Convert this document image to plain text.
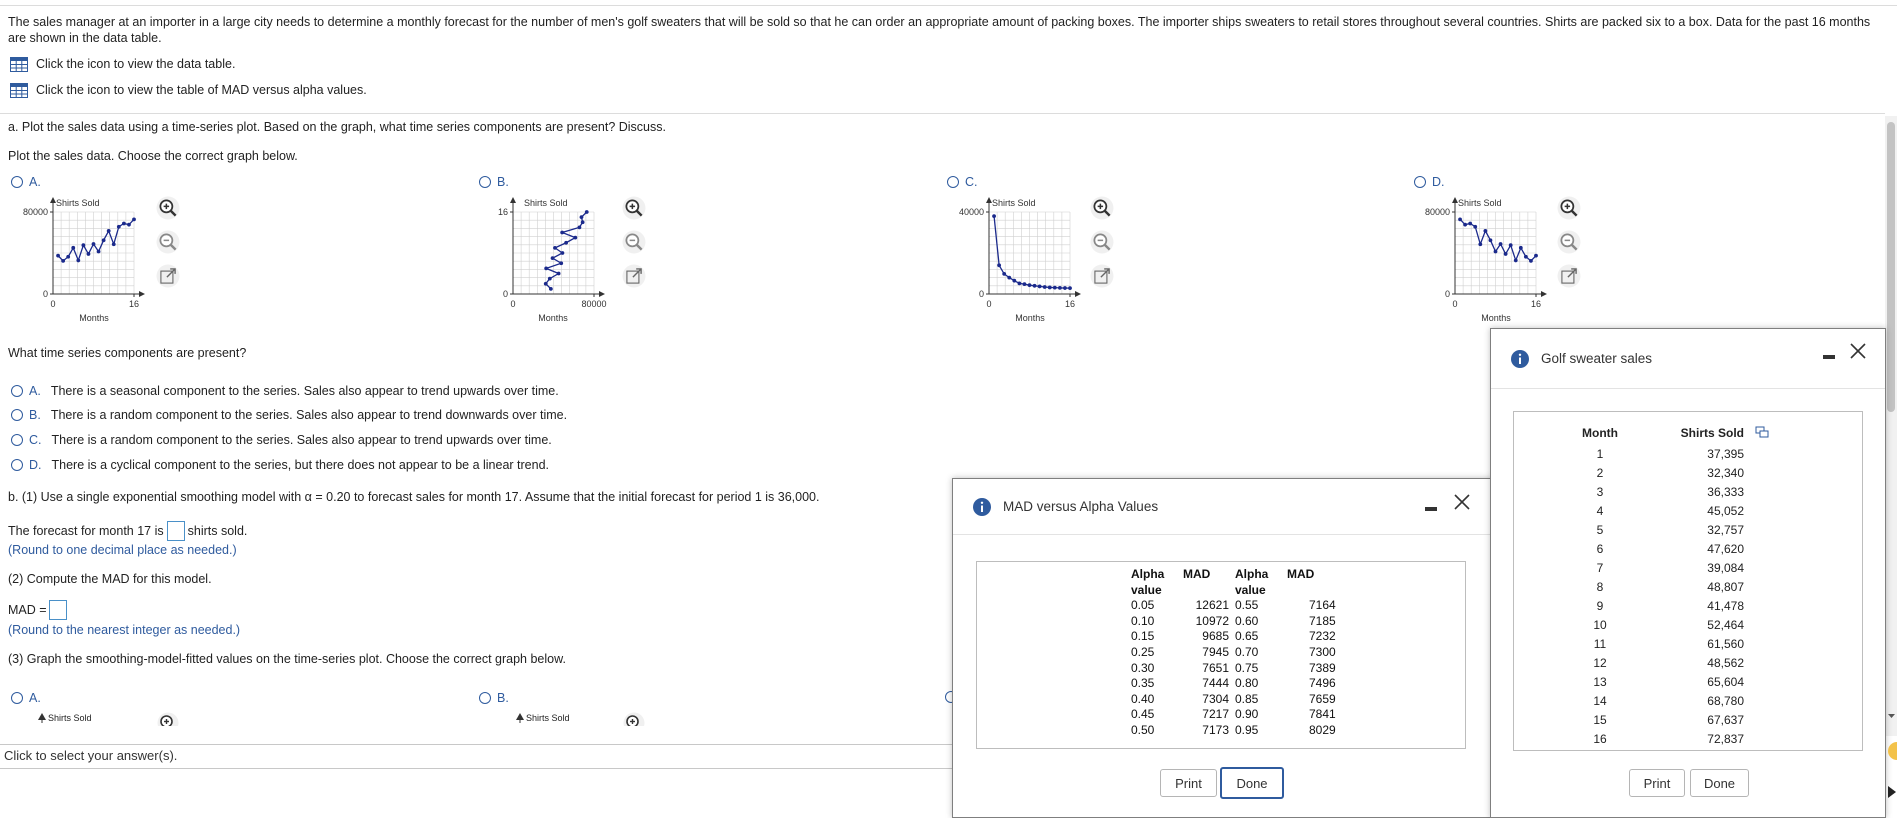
The sales manager at an importer in a large city needs to determine a monthly forecast for the number of men's golf sweaters that will be sold so that he can order an appropriate amount of packing boxes. The importer ships sweaters to retail stores throughout several countries. Shirts are packed six to a box. Data for the past 16 months are shown in the data table.
Click the icon to view the data table.
Click the icon to view the table of MAD versus alpha values.
a. Plot the sales data using a time-series plot. Based on the graph, what time series components are present? Discuss.
Plot the sales data. Choose the correct graph below.
A.	B.	C.	D.
Shirts Sold
80000
0
0	16
Months
Shirts Sold
16
0
0	80000
Months
Shirts Sold
40000
0
0	16
Months
Shirts Sold
80000
0
0	16
Months
What time series components are present?
A. There is a seasonal component to the series. Sales also appear to trend upwards over time.
B. There is a random component to the series. Sales also appear to trend downwards over time.
C. There is a random component to the series. Sales also appear to trend upwards over time.
D. There is a cyclical component to the series, but there does not appear to be a linear trend.
b. (1) Use a single exponential smoothing model with α = 0.20 to forecast sales for month 17. Assume that the initial forecast for period 1 is 36,000.
The forecast for month 17 is shirts sold.
(Round to one decimal place as needed.)
(2) Compute the MAD for this model.
MAD =
(Round to the nearest integer as needed.)
(3) Graph the smoothing-model-fitted values on the time-series plot. Choose the correct graph below.
A.	B.
Shirts Sold	Shirts Sold
Click to select your answer(s).
MAD versus Alpha Values
Alpha
value	MAD	Alpha
value	MAD
0.05	12621	0.55	7164
0.10	10972	0.60	7185
0.15	9685	0.65	7232
0.25	7945	0.70	7300
0.30	7651	0.75	7389
0.35	7444	0.80	7496
0.40	7304	0.85	7659
0.45	7217	0.90	7841
0.50	7173	0.95	8029
Print	Done
Golf sweater sales
Month	Shirts Sold	
1	37,395	
2	32,340	
3	36,333	
4	45,052	
5	32,757	
6	47,620	
7	39,084	
8	48,807	
9	41,478	
10	52,464	
11	61,560	
12	48,562	
13	65,604	
14	68,780	
15	67,637	
16	72,837	
Print	Done
